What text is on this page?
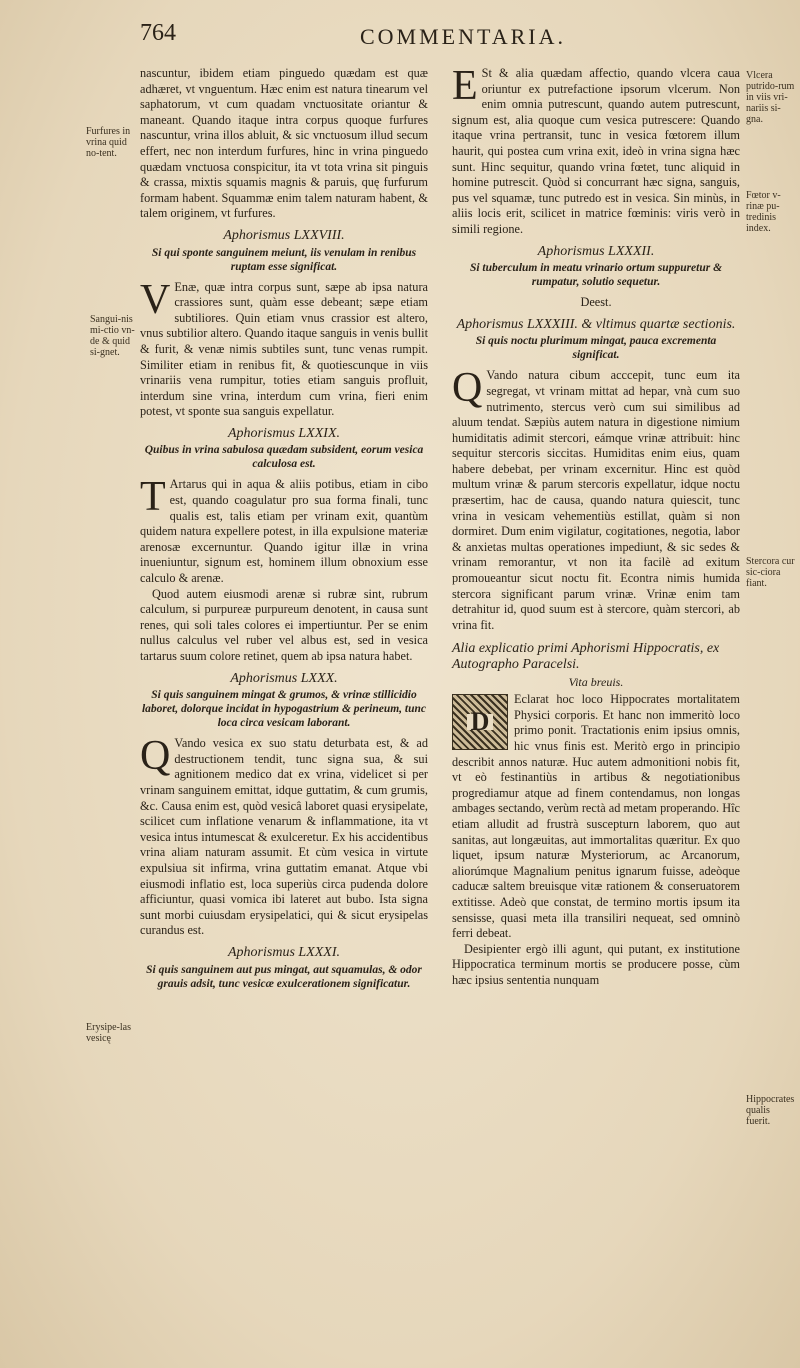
764	COMMENTARIA.
Furfures in vrina quid no-tent.
Sangui-nis mi-ctio vn-de & quid si-gnet.
Erysipe-las vesicę
Vlcera putrido-rum in viis vri-nariis si-gna.
Fœtor v-rinæ pu-tredinis index.
Stercora cur sic-ciora fiant.
Hippocrates qualis fuerit.

nascuntur, ibidem etiam pinguedo quædam est quæ adhæret, vt vnguentum. Hæc enim est natura tinearum vel saphatorum, vt cum quadam vnctuositate oriantur & maneant. Quando itaque intra corpus quoque furfures nascuntur, vrina illos abluit, & sic vnctuosum illud secum effert, nec non interdum furfures, hinc in vrina pinguedo quædam vnctuosa conspicitur, ita vt tota vrina sit pinguis & crassa, mixtis squamis magnis & paruis, quę furfurum formam habent. Squammæ enim talem naturam habent, & talem originem, vt furfures.

Aphorismus LXXVIII.
Si qui sponte sanguinem meiunt, iis venulam in renibus ruptam esse significat.

V Enæ, quæ intra corpus sunt, sæpe ab ipsa natura crassiores sunt, quàm esse debeant; sæpe etiam subtiliores. Quin etiam vnus crassior est altero, vnus subtilior altero. Quando itaque sanguis in venis bullit & furit, & venæ nimis subtiles sunt, tunc venas rumpit. Similiter etiam in renibus fit, & quotiescunque in viis vrinariis vena rumpitur, toties etiam sanguis profluit, interdum sine vrina, interdum cum vrina, fieri enim potest, vt sponte sua sanguis expellatur.

Aphorismus LXXIX.
Quibus in vrina sabulosa quædam subsident, eorum vesica calculosa est.

T Artarus qui in aqua & aliis potibus, etiam in cibo est, quando coagulatur pro sua forma finali, tunc qualis est, talis etiam per vrinam exit, quantùm quidem natura expellere potest, in illa expulsione materiæ arenosæ excernuntur. Quando igitur illæ in vrina inueniuntur, signum est, hominem illum obnoxium esse calculo & arenæ.

Quod autem eiusmodi arenæ si rubræ sint, rubrum calculum, si purpureæ purpureum denotent, in causa sunt renes, qui soli tales colores ei impertiuntur. Per se enim nullus calculus vel ruber vel albus est, sed in vesica tartarus suum colore retinet, quem ab ipsa natura habet.

Aphorismus LXXX.
Si quis sanguinem mingat & grumos, & vrinæ stillicidio laboret, dolorque incidat in hypogastrium & perineum, tunc loca circa vesicam laborant.

Q Vando vesica ex suo statu deturbata est, & ad destructionem tendit, tunc signa sua, & sui agnitionem medico dat ex vrina, videlicet si per vrinam sanguinem emittat, idque guttatim, & cum grumis, &c. Causa enim est, quòd vesicâ laboret quasi erysipelate, scilicet cum inflatione venarum & inflammatione, ita vt vesica intus intumescat & exulceretur. Ex his accidentibus vrina aliam naturam assumit. Et cùm vesica in virtute expulsiua sit infirma, vrina guttatim emanat. Atque vbi eiusmodi inflatio est, loca superiùs circa pudenda dolore afficiuntur, quasi vomica ibi lateret aut bubo. Ista signa sunt morbi cuiusdam erysipelatici, qui & sicut erysipelas curandus est.

Aphorismus LXXXI.
Si quis sanguinem aut pus mingat, aut squamulas, & odor grauis adsit, tunc vesicæ exulcerationem significatur.

E St & alia quædam affectio, quando vlcera caua oriuntur ex putrefactione ipsorum vlcerum. Non enim omnia putrescunt, quando autem putrescunt, signum est, alia quoque cum vesica putrescere: Quando itaque vrina pertransit, tunc in vesica fœtorem illum haurit, qui postea cum vrina exit, ideò in vrina signa hæc sunt. Hinc sequitur, quando vrina fœtet, tunc aliquid in homine putrescit. Quòd si concurrant hæc signa, sanguis, pus vel squamæ, tunc putredo est in vesica. Sin minùs, in aliis locis erit, scilicet in matrice fœminis: viris verò in simili regione.

Aphorismus LXXXII.
Si tuberculum in meatu vrinario ortum suppuretur & rumpatur, solutio sequetur.
Deest.
Aphorismus LXXXIII. & vltimus quartæ sectionis.
Si quis noctu plurimum mingat, pauca excrementa significat.

Q Vando natura cibum acccepit, tunc eum ita segregat, vt vrinam mittat ad hepar, vnà cum suo nutrimento, stercus verò cum sui similibus ad aluum tendat. Sæpiùs autem natura in digestione nimium humiditatis adimit stercori, eámque vrinæ attribuit: hinc sequitur stercoris siccitas. Humiditas enim eius, quam habere debebat, per vrinam excernitur. Hinc est quòd multum vrinæ & parum stercoris expellatur, idque noctu præsertim, hac de causa, quando natura quiescit, tunc vrina in vesicam vehementiùs estillat, quàm si non dormiret. Dum enim vigilatur, cogitationes, negotia, labor & anxietas multas operationes impediunt, & sic sedes & vrinam remorantur, vt non ita facilè ad exitum promoueantur sicut noctu fit. Econtra nimis humida stercora significant parum vrinæ. Vrinæ enim tam detrahitur id, quod suum est à stercore, quàm stercori, ab vrina fit.

Alia explicatio primi Aphorismi Hippocratis, ex Autographo Paracelsi.
Vita breuis.

D
Eclarat hoc loco Hippocrates mortalitatem Physici corporis. Et hanc non immeritò loco primo ponit. Tractationis enim ipsius omnis, hic vnus finis est. Meritò ergo in principio describit annos naturæ. Huc autem admonitioni nobis fit, vt eò festinantiùs in artibus & negotiationibus progrediamur atque ad finem contendamus, non longas ambages sectando, verùm rectà ad metam properando. Hîc etiam alludit ad frustrà suscepturn laborem, quo aut sanitas, aut longæuitas, aut immortalitas quæritur. Ex quo liquet, ipsum naturæ Mysteriorum, ac Arcanorum, aliorúmque Magnalium penitus ignarum fuisse, adeòque caducæ saltem breuisque vitæ rationem & conseruatorem extitisse. Adeò que constat, de termino mortis ipsum ita sensisse, quasi meta illa transiliri nequeat, sed omninò ferri debeat.

Desipienter ergò illi agunt, qui putant, ex institutione Hippocratica terminum mortis se producere posse, cùm hæc ipsius sententia nunquam
